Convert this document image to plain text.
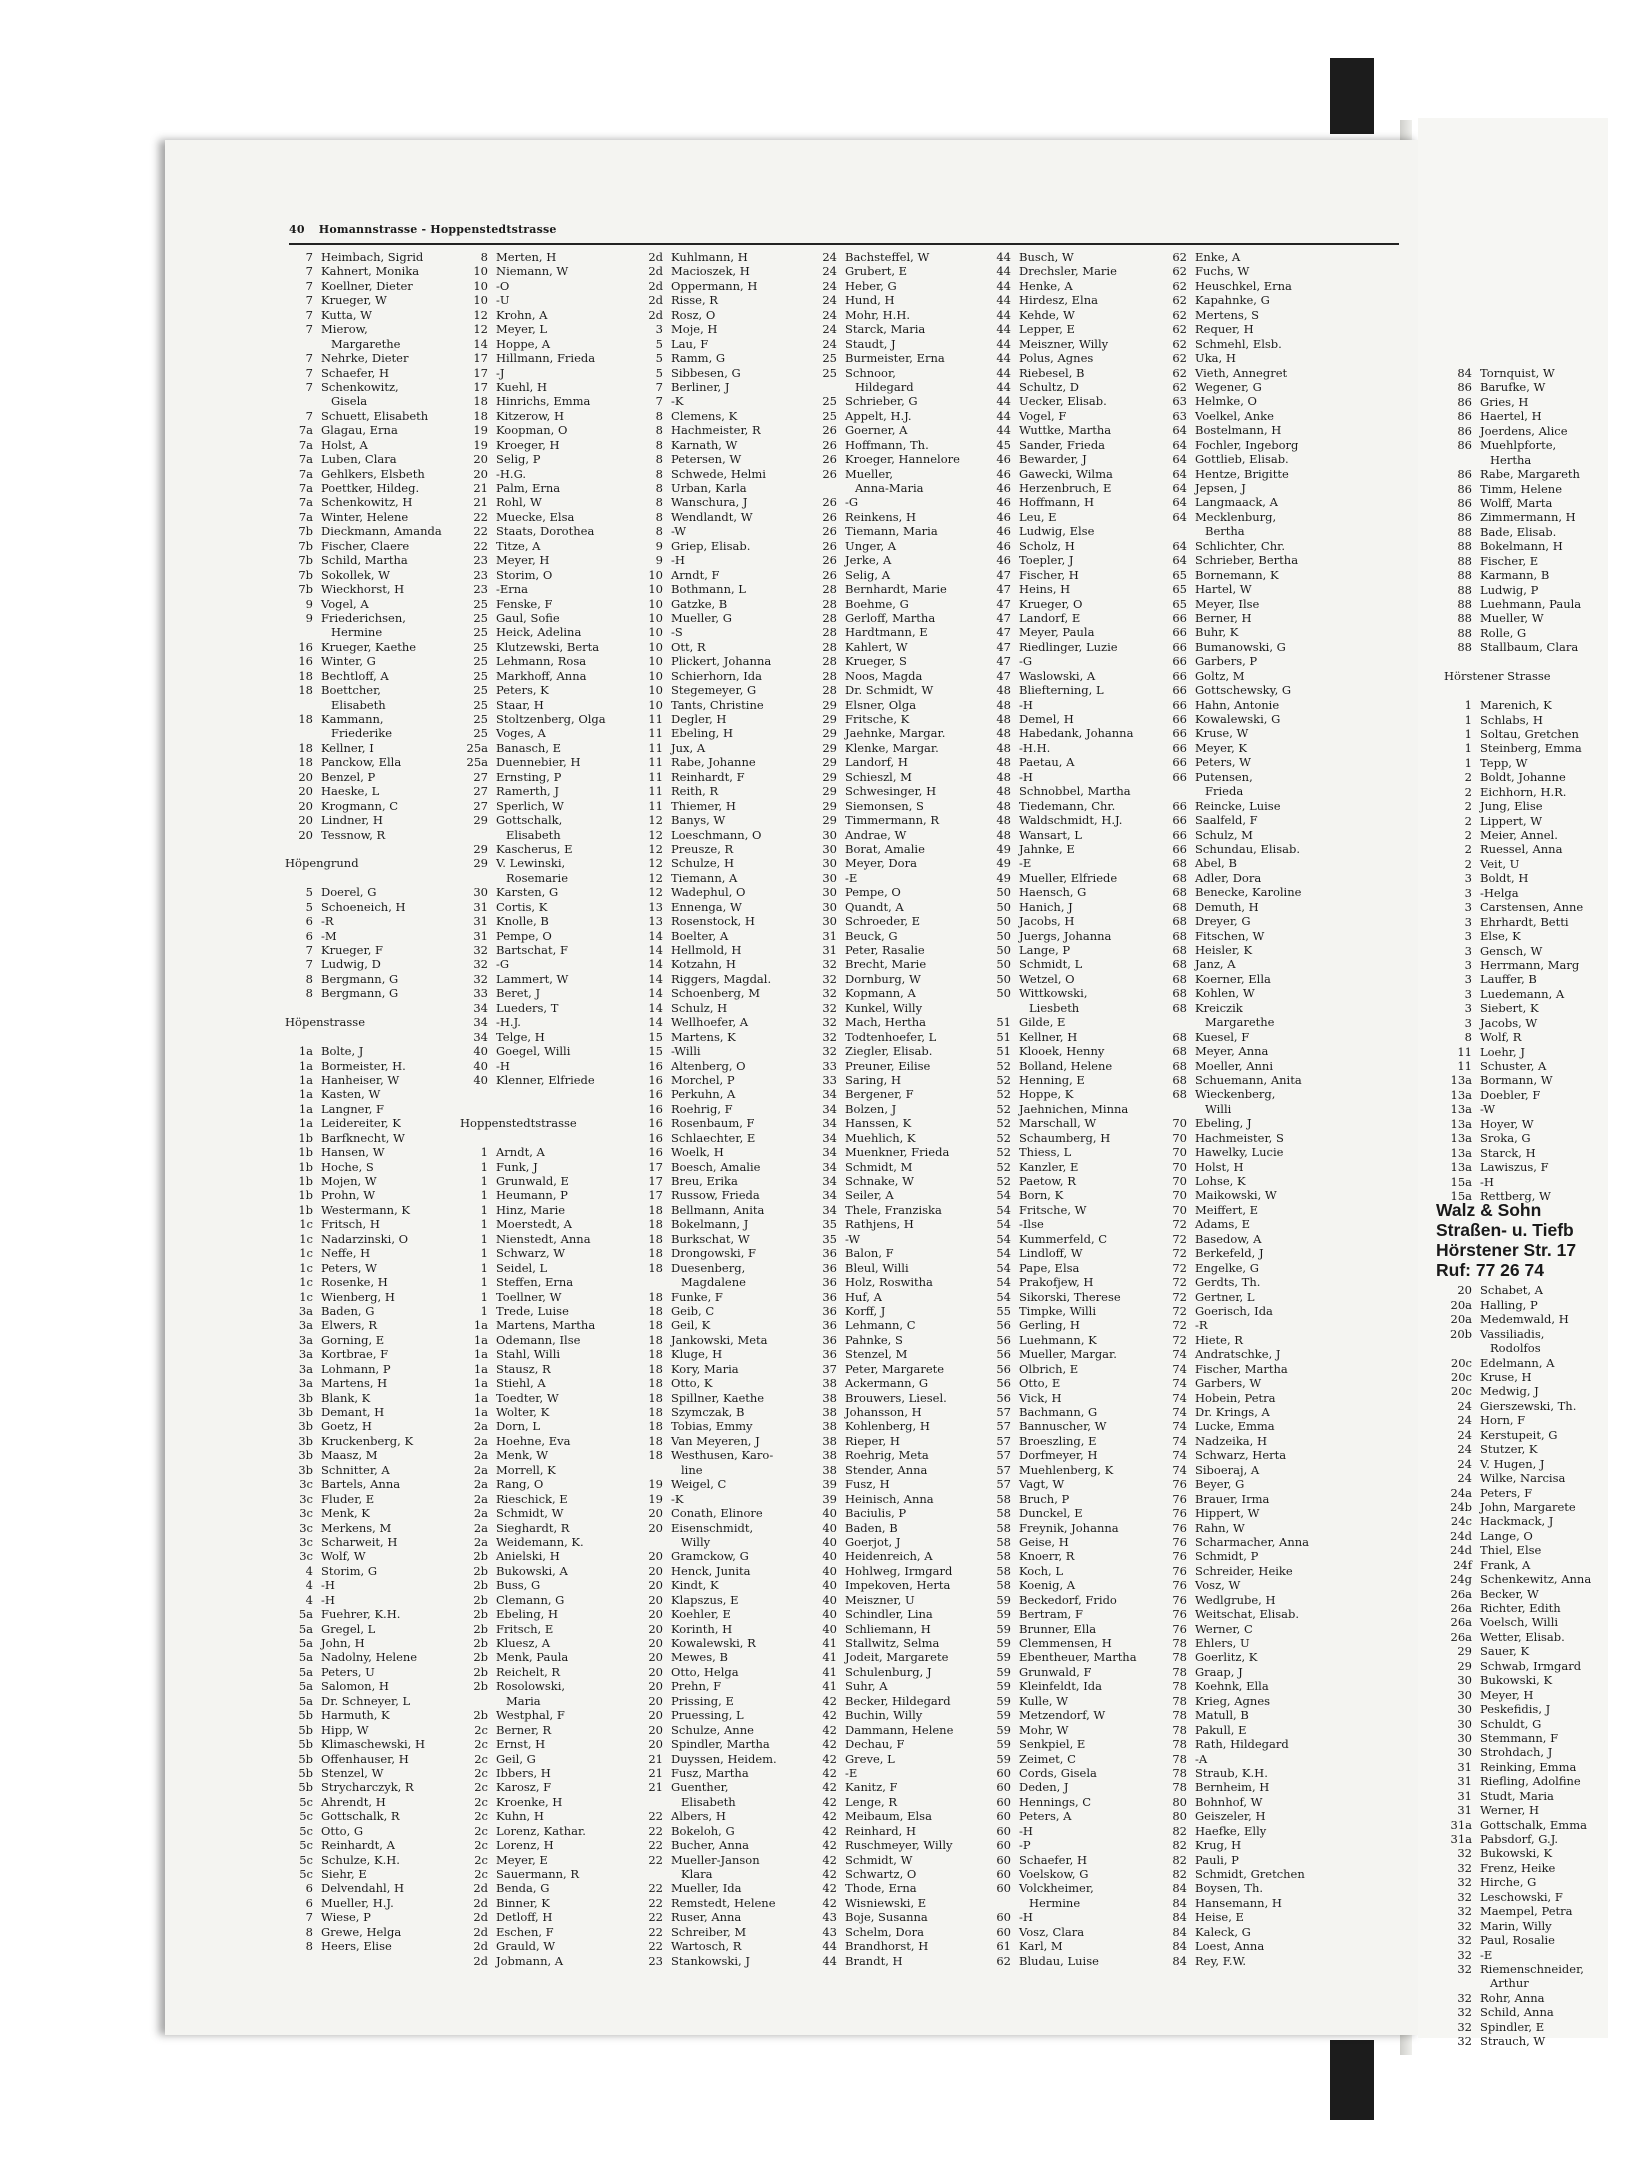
84 Tornquist, W
86 Barufke, W
86 Gries, H
86 Haertel, H
86 Joerdens, Alice
86 Muehlpforte,
Hertha
86 Rabe, Margareth
86 Timm, Helene
86 Wolff, Marta
86 Zimmermann, H
88 Bade, Elisab.
88 Bokelmann, H
88 Fischer, E
88 Karmann, B
88 Ludwig, P
88 Luehmann, Paula
88 Mueller, W
88 Rolle, G
88 Stallbaum, Clara
Hörstener Strasse
1 Marenich, K
1 Schlabs, H
1 Soltau, Gretchen
1 Steinberg, Emma
1 Tepp, W
2 Boldt, Johanne
2 Eichhorn, H.R.
2 Jung, Elise
2 Lippert, W
2 Meier, Annel.
2 Ruessel, Anna
2 Veit, U
3 Boldt, H
3 -Helga
3 Carstensen, Anne
3 Ehrhardt, Betti
3 Else, K
3 Gensch, W
3 Herrmann, Marg
3 Lauffer, B
3 Luedemann, A
3 Siebert, K
3 Jacobs, W
8 Wolf, R
11 Loehr, J
11 Schuster, A
13a Bormann, W
13a Doebler, F
13a -W
13a Hoyer, W
13a Sroka, G
13a Starck, H
13a Lawiszus, F
15a -H
15a Rettberg, W
Walz & Sohn
Straßen- u. Tiefb
Hörstener Str. 17
Ruf: 77 26 74
20 Schabet, A
20a Halling, P
20a Medemwald, H
20b Vassiliadis,
Rodolfos
20c Edelmann, A
20c Kruse, H
20c Medwig, J
24 Gierszewski, Th.
24 Horn, F
24 Kerstupeit, G
24 Stutzer, K
24 V. Hugen, J
24 Wilke, Narcisa
24a Peters, F
24b John, Margarete
24c Hackmack, J
24d Lange, O
24d Thiel, Else
24f Frank, A
24g Schenkewitz, Anna
26a Becker, W
26a Richter, Edith
26a Voelsch, Willi
26a Wetter, Elisab.
29 Sauer, K
29 Schwab, Irmgard
30 Bukowski, K
30 Meyer, H
30 Peskefidis, J
30 Schuldt, G
30 Stemmann, F
30 Strohdach, J
31 Reinking, Emma
31 Riefling, Adolfine
31 Studt, Maria
31 Werner, H
31a Gottschalk, Emma
31a Pabsdorf, G.J.
32 Bukowski, K
32 Frenz, Heike
32 Hirche, G
32 Leschowski, F
32 Maempel, Petra
32 Marin, Willy
32 Paul, Rosalie
32 -E
32 Riemenschneider,
Arthur
32 Rohr, Anna
32 Schild, Anna
32 Spindler, E
32 Strauch, W
40 Homannstrasse - Hoppenstedtstrasse
7 Heimbach, Sigrid
7 Kahnert, Monika
7 Koellner, Dieter
7 Krueger, W
7 Kutta, W
7 Mierow,
Margarethe
7 Nehrke, Dieter
7 Schaefer, H
7 Schenkowitz,
Gisela
7 Schuett, Elisabeth
7a Glagau, Erna
7a Holst, A
7a Luben, Clara
7a Gehlkers, Elsbeth
7a Poettker, Hildeg.
7a Schenkowitz, H
7a Winter, Helene
7b Dieckmann, Amanda
7b Fischer, Claere
7b Schild, Martha
7b Sokollek, W
7b Wieckhorst, H
9 Vogel, A
9 Friederichsen,
Hermine
16 Krueger, Kaethe
16 Winter, G
18 Bechtloff, A
18 Boettcher,
Elisabeth
18 Kammann,
Friederike
18 Kellner, I
18 Panckow, Ella
20 Benzel, P
20 Haeske, L
20 Krogmann, C
20 Lindner, H
20 Tessnow, R
Höpengrund
5 Doerel, G
5 Schoeneich, H
6 -R
6 -M
7 Krueger, F
7 Ludwig, D
8 Bergmann, G
8 Bergmann, G
Höpenstrasse
1a Bolte, J
1a Bormeister, H.
1a Hanheiser, W
1a Kasten, W
1a Langner, F
1a Leidereiter, K
1b Barfknecht, W
1b Hansen, W
1b Hoche, S
1b Mojen, W
1b Prohn, W
1b Westermann, K
1c Fritsch, H
1c Nadarzinski, O
1c Neffe, H
1c Peters, W
1c Rosenke, H
1c Wienberg, H
3a Baden, G
3a Elwers, R
3a Gorning, E
3a Kortbrae, F
3a Lohmann, P
3a Martens, H
3b Blank, K
3b Demant, H
3b Goetz, H
3b Kruckenberg, K
3b Maasz, M
3b Schnitter, A
3c Bartels, Anna
3c Fluder, E
3c Menk, K
3c Merkens, M
3c Scharweit, H
3c Wolf, W
4 Storim, G
4 -H
4 -H
5a Fuehrer, K.H.
5a Gregel, L
5a John, H
5a Nadolny, Helene
5a Peters, U
5a Salomon, H
5a Dr. Schneyer, L
5b Harmuth, K
5b Hipp, W
5b Klimaschewski, H
5b Offenhauser, H
5b Stenzel, W
5b Strycharczyk, R
5c Ahrendt, H
5c Gottschalk, R
5c Otto, G
5c Reinhardt, A
5c Schulze, K.H.
5c Siehr, E
6 Delvendahl, H
6 Mueller, H.J.
7 Wiese, P
8 Grewe, Helga
8 Heers, Elise
8 Merten, H
10 Niemann, W
10 -O
10 -U
12 Krohn, A
12 Meyer, L
14 Hoppe, A
17 Hillmann, Frieda
17 -J
17 Kuehl, H
18 Hinrichs, Emma
18 Kitzerow, H
19 Koopman, O
19 Kroeger, H
20 Selig, P
20 -H.G.
21 Palm, Erna
21 Rohl, W
22 Muecke, Elsa
22 Staats, Dorothea
22 Titze, A
23 Meyer, H
23 Storim, O
23 -Erna
25 Fenske, F
25 Gaul, Sofie
25 Heick, Adelina
25 Klutzewski, Berta
25 Lehmann, Rosa
25 Markhoff, Anna
25 Peters, K
25 Staar, H
25 Stoltzenberg, Olga
25 Voges, A
25a Banasch, E
25a Duennebier, H
27 Ernsting, P
27 Ramerth, J
27 Sperlich, W
29 Gottschalk,
Elisabeth
29 Kascherus, E
29 V. Lewinski,
Rosemarie
30 Karsten, G
31 Cortis, K
31 Knolle, B
31 Pempe, O
32 Bartschat, F
32 -G
32 Lammert, W
33 Beret, J
34 Lueders, T
34 -H.J.
34 Telge, H
40 Goegel, Willi
40 -H
40 Klenner, Elfriede
Hoppenstedtstrasse
1 Arndt, A
1 Funk, J
1 Grunwald, E
1 Heumann, P
1 Hinz, Marie
1 Moerstedt, A
1 Nienstedt, Anna
1 Schwarz, W
1 Seidel, L
1 Steffen, Erna
1 Toellner, W
1 Trede, Luise
1a Martens, Martha
1a Odemann, Ilse
1a Stahl, Willi
1a Stausz, R
1a Stiehl, A
1a Toedter, W
1a Wolter, K
2a Dorn, L
2a Hoehne, Eva
2a Menk, W
2a Morrell, K
2a Rang, O
2a Rieschick, E
2a Schmidt, W
2a Sieghardt, R
2a Weidemann, K.
2b Anielski, H
2b Bukowski, A
2b Buss, G
2b Clemann, G
2b Ebeling, H
2b Fritsch, E
2b Kluesz, A
2b Menk, Paula
2b Reichelt, R
2b Rosolowski,
Maria
2b Westphal, F
2c Berner, R
2c Ernst, H
2c Geil, G
2c Ibbers, H
2c Karosz, F
2c Kroenke, H
2c Kuhn, H
2c Lorenz, Kathar.
2c Lorenz, H
2c Meyer, E
2c Sauermann, R
2d Benda, G
2d Binner, K
2d Detloff, H
2d Eschen, F
2d Grauld, W
2d Jobmann, A
2d Kuhlmann, H
2d Macioszek, H
2d Oppermann, H
2d Risse, R
2d Rosz, O
3 Moje, H
5 Lau, F
5 Ramm, G
5 Sibbesen, G
7 Berliner, J
7 -K
8 Clemens, K
8 Hachmeister, R
8 Karnath, W
8 Petersen, W
8 Schwede, Helmi
8 Urban, Karla
8 Wanschura, J
8 Wendlandt, W
8 -W
9 Griep, Elisab.
9 -H
10 Arndt, F
10 Bothmann, L
10 Gatzke, B
10 Mueller, G
10 -S
10 Ott, R
10 Plickert, Johanna
10 Schierhorn, Ida
10 Stegemeyer, G
10 Tants, Christine
11 Degler, H
11 Ebeling, H
11 Jux, A
11 Rabe, Johanne
11 Reinhardt, F
11 Reith, R
11 Thiemer, H
12 Banys, W
12 Loeschmann, O
12 Preusze, R
12 Schulze, H
12 Tiemann, A
12 Wadephul, O
13 Ennenga, W
13 Rosenstock, H
14 Boelter, A
14 Hellmold, H
14 Kotzahn, H
14 Riggers, Magdal.
14 Schoenberg, M
14 Schulz, H
14 Wellhoefer, A
15 Martens, K
15 -Willi
16 Altenberg, O
16 Morchel, P
16 Perkuhn, A
16 Roehrig, F
16 Rosenbaum, F
16 Schlaechter, E
16 Woelk, H
17 Boesch, Amalie
17 Breu, Erika
17 Russow, Frieda
18 Bellmann, Anita
18 Bokelmann, J
18 Burkschat, W
18 Drongowski, F
18 Duesenberg,
Magdalene
18 Funke, F
18 Geib, C
18 Geil, K
18 Jankowski, Meta
18 Kluge, H
18 Kory, Maria
18 Otto, K
18 Spillner, Kaethe
18 Szymczak, B
18 Tobias, Emmy
18 Van Meyeren, J
18 Westhusen, Karo-
line
19 Weigel, C
19 -K
20 Conath, Elinore
20 Eisenschmidt,
Willy
20 Gramckow, G
20 Henck, Junita
20 Kindt, K
20 Klapszus, E
20 Koehler, E
20 Korinth, H
20 Kowalewski, R
20 Mewes, B
20 Otto, Helga
20 Prehn, F
20 Prissing, E
20 Pruessing, L
20 Schulze, Anne
20 Spindler, Martha
21 Duyssen, Heidem.
21 Fusz, Martha
21 Guenther,
Elisabeth
22 Albers, H
22 Bokeloh, G
22 Bucher, Anna
22 Mueller-Janson
Klara
22 Mueller, Ida
22 Remstedt, Helene
22 Ruser, Anna
22 Schreiber, M
22 Wartosch, R
23 Stankowski, J
24 Bachsteffel, W
24 Grubert, E
24 Heber, G
24 Hund, H
24 Mohr, H.H.
24 Starck, Maria
24 Staudt, J
25 Burmeister, Erna
25 Schnoor,
Hildegard
25 Schrieber, G
25 Appelt, H.J.
26 Goerner, A
26 Hoffmann, Th.
26 Kroeger, Hannelore
26 Mueller,
Anna-Maria
26 -G
26 Reinkens, H
26 Tiemann, Maria
26 Unger, A
26 Jerke, A
26 Selig, A
28 Bernhardt, Marie
28 Boehme, G
28 Gerloff, Martha
28 Hardtmann, E
28 Kahlert, W
28 Krueger, S
28 Noos, Magda
28 Dr. Schmidt, W
29 Elsner, Olga
29 Fritsche, K
29 Jaehnke, Margar.
29 Klenke, Margar.
29 Landorf, H
29 Schieszl, M
29 Schwesinger, H
29 Siemonsen, S
29 Timmermann, R
30 Andrae, W
30 Borat, Amalie
30 Meyer, Dora
30 -E
30 Pempe, O
30 Quandt, A
30 Schroeder, E
31 Beuck, G
31 Peter, Rasalie
32 Brecht, Marie
32 Dornburg, W
32 Kopmann, A
32 Kunkel, Willy
32 Mach, Hertha
32 Todtenhoefer, L
32 Ziegler, Elisab.
33 Preuner, Eilise
33 Saring, H
34 Bergener, F
34 Bolzen, J
34 Hanssen, K
34 Muehlich, K
34 Muenkner, Frieda
34 Schmidt, M
34 Schnake, W
34 Seiler, A
34 Thele, Franziska
35 Rathjens, H
35 -W
36 Balon, F
36 Bleul, Willi
36 Holz, Roswitha
36 Huf, A
36 Korff, J
36 Lehmann, C
36 Pahnke, S
36 Stenzel, M
37 Peter, Margarete
38 Ackermann, G
38 Brouwers, Liesel.
38 Johansson, H
38 Kohlenberg, H
38 Rieper, H
38 Roehrig, Meta
38 Stender, Anna
39 Fusz, H
39 Heinisch, Anna
40 Baciulis, P
40 Baden, B
40 Goerjot, J
40 Heidenreich, A
40 Hohlweg, Irmgard
40 Impekoven, Herta
40 Meiszner, U
40 Schindler, Lina
40 Schliemann, H
41 Stallwitz, Selma
41 Jodeit, Margarete
41 Schulenburg, J
41 Suhr, A
42 Becker, Hildegard
42 Buchin, Willy
42 Dammann, Helene
42 Dechau, F
42 Greve, L
42 -E
42 Kanitz, F
42 Lenge, R
42 Meibaum, Elsa
42 Reinhard, H
42 Ruschmeyer, Willy
42 Schmidt, W
42 Schwartz, O
42 Thode, Erna
42 Wisniewski, E
43 Boje, Susanna
43 Schelm, Dora
44 Brandhorst, H
44 Brandt, H
44 Busch, W
44 Drechsler, Marie
44 Henke, A
44 Hirdesz, Elna
44 Kehde, W
44 Lepper, E
44 Meiszner, Willy
44 Polus, Agnes
44 Riebesel, B
44 Schultz, D
44 Uecker, Elisab.
44 Vogel, F
44 Wuttke, Martha
45 Sander, Frieda
46 Bewarder, J
46 Gawecki, Wilma
46 Herzenbruch, E
46 Hoffmann, H
46 Leu, E
46 Ludwig, Else
46 Scholz, H
46 Toepler, J
47 Fischer, H
47 Heins, H
47 Krueger, O
47 Landorf, E
47 Meyer, Paula
47 Riedlinger, Luzie
47 -G
47 Waslowski, A
48 Bliefterning, L
48 -H
48 Demel, H
48 Habedank, Johanna
48 -H.H.
48 Paetau, A
48 -H
48 Schnobbel, Martha
48 Tiedemann, Chr.
48 Waldschmidt, H.J.
48 Wansart, L
49 Jahnke, E
49 -E
49 Mueller, Elfriede
50 Haensch, G
50 Hanich, J
50 Jacobs, H
50 Juergs, Johanna
50 Lange, P
50 Schmidt, L
50 Wetzel, O
50 Wittkowski,
Liesbeth
51 Gilde, E
51 Kellner, H
51 Klooek, Henny
52 Bolland, Helene
52 Henning, E
52 Hoppe, K
52 Jaehnichen, Minna
52 Marschall, W
52 Schaumberg, H
52 Thiess, L
52 Kanzler, E
52 Paetow, R
54 Born, K
54 Fritsche, W
54 -Ilse
54 Kummerfeld, C
54 Lindloff, W
54 Pape, Elsa
54 Prakofjew, H
54 Sikorski, Therese
55 Timpke, Willi
56 Gerling, H
56 Luehmann, K
56 Mueller, Margar.
56 Olbrich, E
56 Otto, E
56 Vick, H
57 Bachmann, G
57 Bannuscher, W
57 Broeszling, E
57 Dorfmeyer, H
57 Muehlenberg, K
57 Vagt, W
58 Bruch, P
58 Dunckel, E
58 Freynik, Johanna
58 Geise, H
58 Knoerr, R
58 Koch, L
58 Koenig, A
59 Beckedorf, Frido
59 Bertram, F
59 Brunner, Ella
59 Clemmensen, H
59 Ebentheuer, Martha
59 Grunwald, F
59 Kleinfeldt, Ida
59 Kulle, W
59 Metzendorf, W
59 Mohr, W
59 Senkpiel, E
59 Zeimet, C
60 Cords, Gisela
60 Deden, J
60 Hennings, C
60 Peters, A
60 -H
60 -P
60 Schaefer, H
60 Voelskow, G
60 Volckheimer,
Hermine
60 -H
60 Vosz, Clara
61 Karl, M
62 Bludau, Luise
62 Enke, A
62 Fuchs, W
62 Heuschkel, Erna
62 Kapahnke, G
62 Mertens, S
62 Requer, H
62 Schmehl, Elsb.
62 Uka, H
62 Vieth, Annegret
62 Wegener, G
63 Helmke, O
63 Voelkel, Anke
64 Bostelmann, H
64 Fochler, Ingeborg
64 Gottlieb, Elisab.
64 Hentze, Brigitte
64 Jepsen, J
64 Langmaack, A
64 Mecklenburg,
Bertha
64 Schlichter, Chr.
64 Schrieber, Bertha
65 Bornemann, K
65 Hartel, W
65 Meyer, Ilse
66 Berner, H
66 Buhr, K
66 Bumanowski, G
66 Garbers, P
66 Goltz, M
66 Gottschewsky, G
66 Hahn, Antonie
66 Kowalewski, G
66 Kruse, W
66 Meyer, K
66 Peters, W
66 Putensen,
Frieda
66 Reincke, Luise
66 Saalfeld, F
66 Schulz, M
66 Schundau, Elisab.
68 Abel, B
68 Adler, Dora
68 Benecke, Karoline
68 Demuth, H
68 Dreyer, G
68 Fitschen, W
68 Heisler, K
68 Janz, A
68 Koerner, Ella
68 Kohlen, W
68 Kreiczik
Margarethe
68 Kuesel, F
68 Meyer, Anna
68 Moeller, Anni
68 Schuemann, Anita
68 Wieckenberg,
Willi
70 Ebeling, J
70 Hachmeister, S
70 Hawelky, Lucie
70 Holst, H
70 Lohse, K
70 Maikowski, W
70 Meiffert, E
72 Adams, E
72 Basedow, A
72 Berkefeld, J
72 Engelke, G
72 Gerdts, Th.
72 Gertner, L
72 Goerisch, Ida
72 -R
72 Hiete, R
74 Andratschke, J
74 Fischer, Martha
74 Garbers, W
74 Hobein, Petra
74 Dr. Krings, A
74 Lucke, Emma
74 Nadzeika, H
74 Schwarz, Herta
74 Siboeraj, A
76 Beyer, G
76 Brauer, Irma
76 Hippert, W
76 Rahn, W
76 Scharmacher, Anna
76 Schmidt, P
76 Schreider, Heike
76 Vosz, W
76 Wedlgrube, H
76 Weitschat, Elisab.
76 Werner, C
78 Ehlers, U
78 Goerlitz, K
78 Graap, J
78 Koehnk, Ella
78 Krieg, Agnes
78 Matull, B
78 Pakull, E
78 Rath, Hildegard
78 -A
78 Straub, K.H.
78 Bernheim, H
80 Bohnhof, W
80 Geiszeler, H
82 Haefke, Elly
82 Krug, H
82 Pauli, P
82 Schmidt, Gretchen
84 Boysen, Th.
84 Hansemann, H
84 Heise, E
84 Kaleck, G
84 Loest, Anna
84 Rey, F.W.
